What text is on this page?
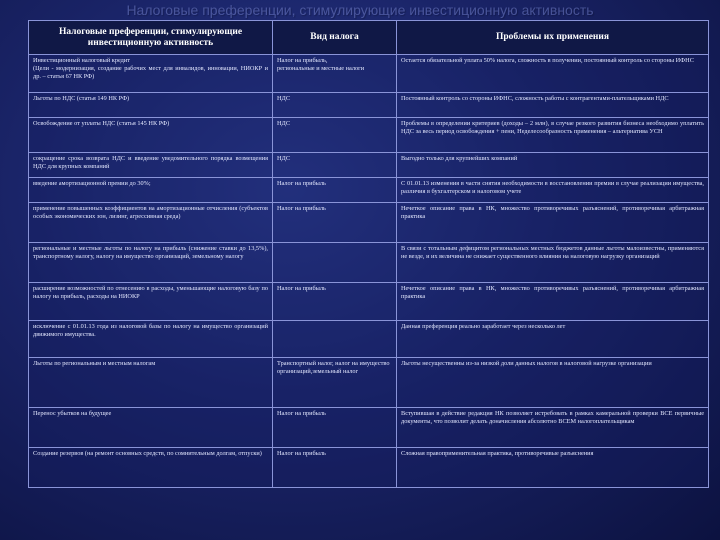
Налоговые преференции, стимулирующие инвестиционную активность
Налоговые преференции, стимулирующие инвестиционную активность	Вид налога	Проблемы их применения
Инвестиционный налоговый кредит
(Цели - модернизация, создание рабочих мест для инвалидов, инновации, НИОКР и др. – статья 67 НК РФ)	Налог на прибыль,
региональные и местные налоги	Остается обязательной уплата 50% налога, сложность в получении, постоянный контроль со стороны ИФНС
Льготы по НДС (статья 149 НК РФ)	НДС	Постоянный контроль со стороны ИФНС, сложность работы с контрагентами-плательщиками НДС
Освобождение от уплаты НДС (статья 145 НК РФ)	НДС	Проблемы в определении критериев (доходы – 2 млн), в случае резкого развития бизнеса необходимо уплатить НДС за весь период освобождения + пени, Неделесообразность применения – альтернатива УСН
сокращение срока возврата НДС и введение уведомительного порядка возмещения НДС для крупных компаний	НДС	Выгодно только для крупнейших компаний
введение амортизационной премии до 30%;	Налог на прибыль	С 01.01.13 изменения в части снятия необходимости в восстановлении премии в случае реализации имущества, различия в бухгалтерском и налоговом учете
применение повышенных коэффициентов на амортизационные отчисления (субъектов особых экономических зон, лизинг, агрессивная среда)	Налог на прибыль	Нечеткое описание права в НК, множество противоречивых разъяснений, противоречивая арбитражная практика
региональные и местные льготы по налогу на прибыль (снижение ставки до 13,5%), транспортному налогу, налогу на имущество организаций, земельному налогу		В связи с тотальным дефицитом региональных местных бюджетов данные льготы малоизвестны, применяются не везде, и их величина не снижает существенного влияния на налоговую нагрузку организаций
расширение возможностей по отнесению в расходы, уменьшающие налоговую базу по налогу на прибыль, расходы на НИОКР	Налог на прибыль	Нечеткое описание права в НК, множество противоречивых разъяснений, противоречивая арбитражная практика
исключение с 01.01.13 года из налоговой базы по налогу на имущество организаций движимого имущества.		Данная преференция реально заработает через несколько лет
Льготы по региональным и местным налогам	Транспортный налог, налог на имущество организаций,земельный налог	Льготы несущественны из-за низкой доли данных налогов в налоговой нагрузке организации
Перенос убытков на будущее	Налог на прибыль	Вступившая в действие редакция НК позволяет истребовать в рамках камеральной проверки ВСЕ первичные документы, что позволит делать доначисления абсолютно ВСЕМ налогоплательщикам
Создание резервов (на ремонт основных средств, по сомнительным долгам, отпуски)	Налог на прибыль	Сложная правоприменительная практика, противоречивые разъяснения
